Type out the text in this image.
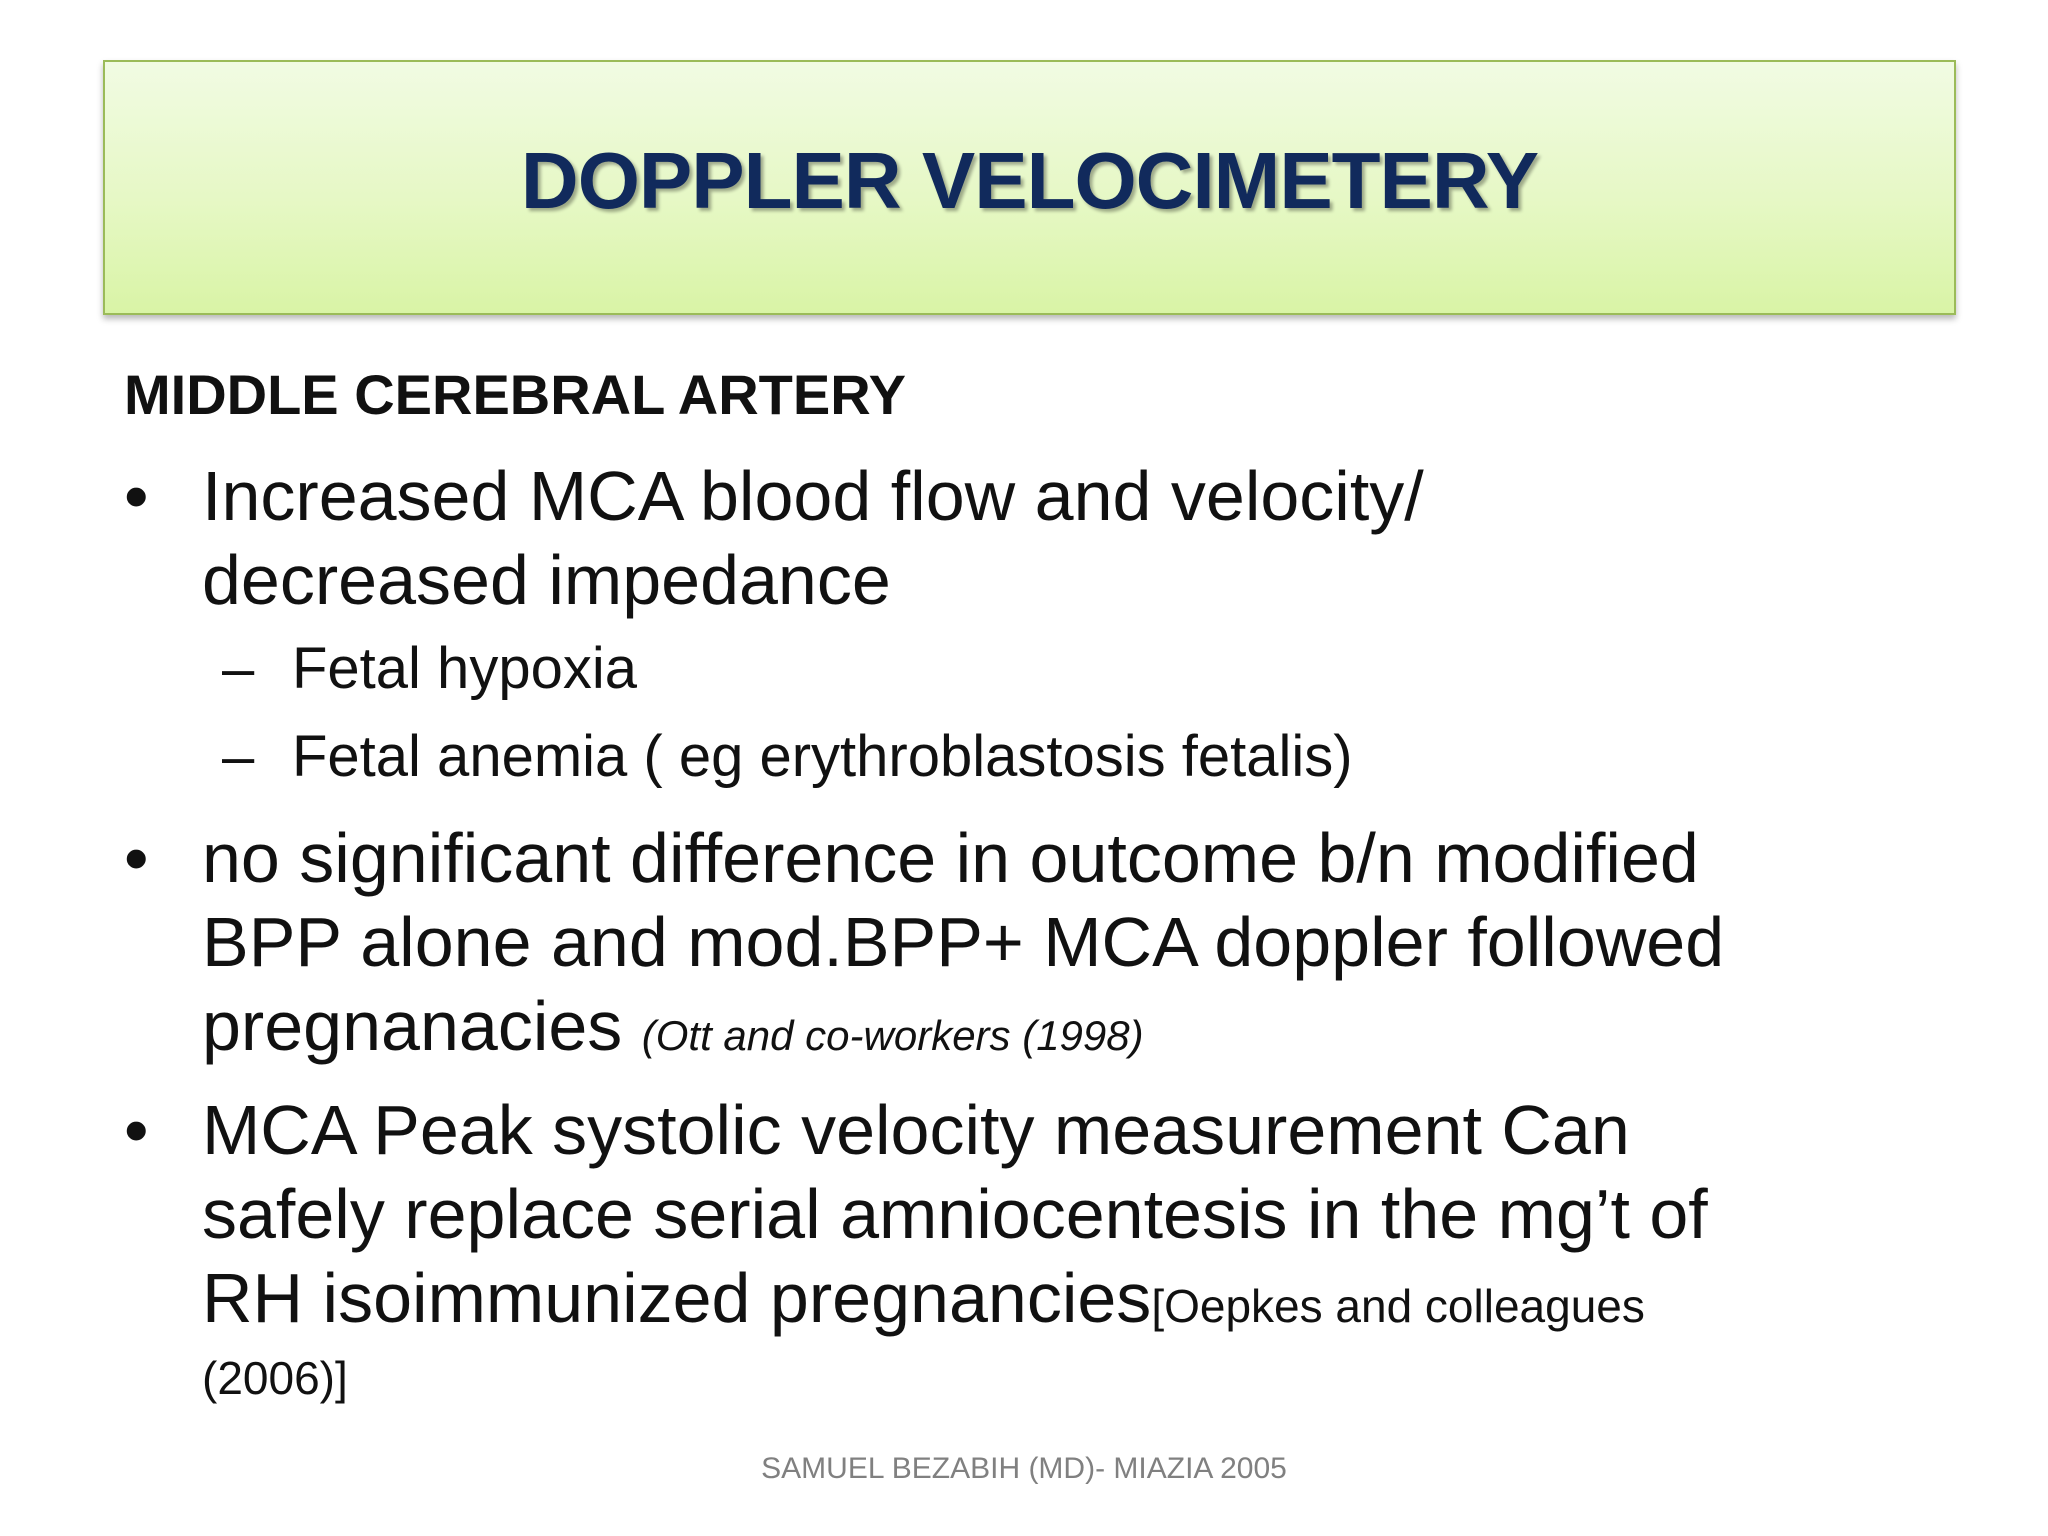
DOPPLER VELOCIMETERY
MIDDLE CEREBRAL ARTERY
• Increased MCA blood flow and velocity/
decreased impedance
– Fetal hypoxia
– Fetal anemia ( eg erythroblastosis fetalis)
• no significant difference in outcome b/n modified
BPP alone and mod.BPP+ MCA doppler followed
pregnanacies (Ott and co-workers (1998)
• MCA Peak systolic velocity measurement Can
safely replace serial amniocentesis in the mg’t of
RH isoimmunized pregnancies[Oepkes and colleagues
(2006)]
SAMUEL BEZABIH (MD)- MIAZIA 2005
